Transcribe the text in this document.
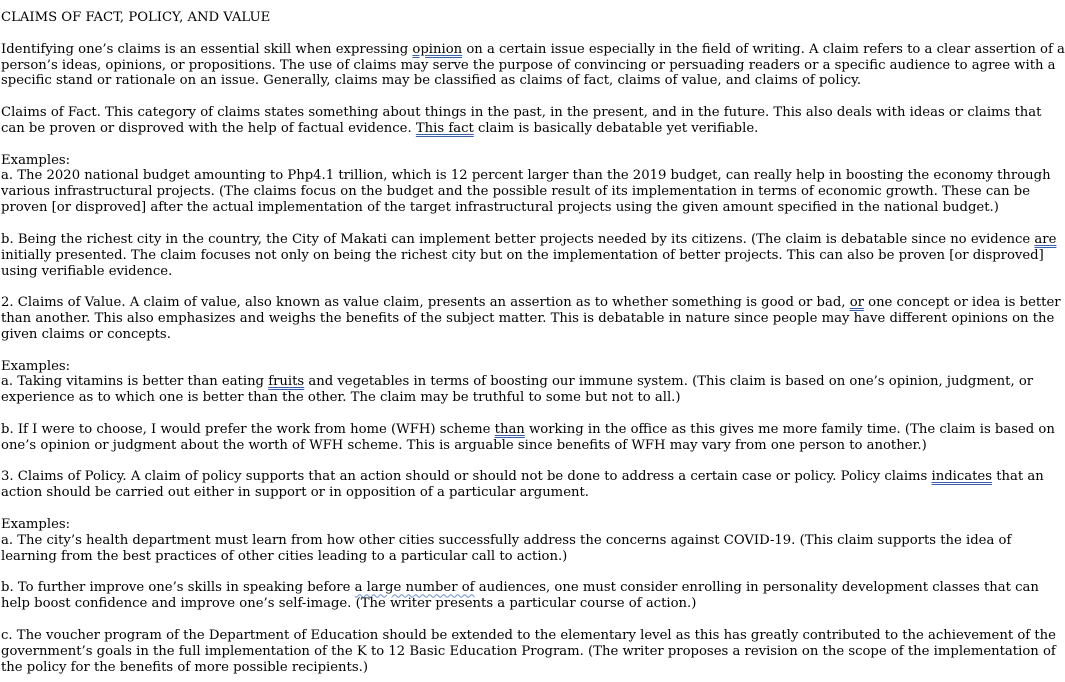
CLAIMS OF FACT, POLICY, AND VALUE
Identifying one’s claims is an essential skill when expressing opinion on a certain issue especially in the field of writing. A claim refers to a clear assertion of a
person’s ideas, opinions, or propositions. The use of claims may serve the purpose of convincing or persuading readers or a specific audience to agree with a
specific stand or rationale on an issue. Generally, claims may be classified as claims of fact, claims of value, and claims of policy.
Claims of Fact. This category of claims states something about things in the past, in the present, and in the future. This also deals with ideas or claims that
can be proven or disproved with the help of factual evidence. This fact claim is basically debatable yet verifiable.
Examples:
a. The 2020 national budget amounting to Php4.1 trillion, which is 12 percent larger than the 2019 budget, can really help in boosting the economy through
various infrastructural projects. (The claims focus on the budget and the possible result of its implementation in terms of economic growth. These can be
proven [or disproved] after the actual implementation of the target infrastructural projects using the given amount specified in the national budget.)
b. Being the richest city in the country, the City of Makati can implement better projects needed by its citizens. (The claim is debatable since no evidence are
initially presented. The claim focuses not only on being the richest city but on the implementation of better projects. This can also be proven [or disproved]
using verifiable evidence.
2. Claims of Value. A claim of value, also known as value claim, presents an assertion as to whether something is good or bad, or one concept or idea is better
than another. This also emphasizes and weighs the benefits of the subject matter. This is debatable in nature since people may have different opinions on the
given claims or concepts.
Examples:
a. Taking vitamins is better than eating fruits and vegetables in terms of boosting our immune system. (This claim is based on one’s opinion, judgment, or
experience as to which one is better than the other. The claim may be truthful to some but not to all.)
b. If I were to choose, I would prefer the work from home (WFH) scheme than working in the office as this gives me more family time. (The claim is based on
one’s opinion or judgment about the worth of WFH scheme. This is arguable since benefits of WFH may vary from one person to another.)
3. Claims of Policy. A claim of policy supports that an action should or should not be done to address a certain case or policy. Policy claims indicates that an
action should be carried out either in support or in opposition of a particular argument.
Examples:
a. The city’s health department must learn from how other cities successfully address the concerns against COVID-19. (This claim supports the idea of
learning from the best practices of other cities leading to a particular call to action.)
b. To further improve one’s skills in speaking before a large number of audiences, one must consider enrolling in personality development classes that can
help boost confidence and improve one’s self-image. (The writer presents a particular course of action.)
c. The voucher program of the Department of Education should be extended to the elementary level as this has greatly contributed to the achievement of the
government’s goals in the full implementation of the K to 12 Basic Education Program. (The writer proposes a revision on the scope of the implementation of
the policy for the benefits of more possible recipients.)
